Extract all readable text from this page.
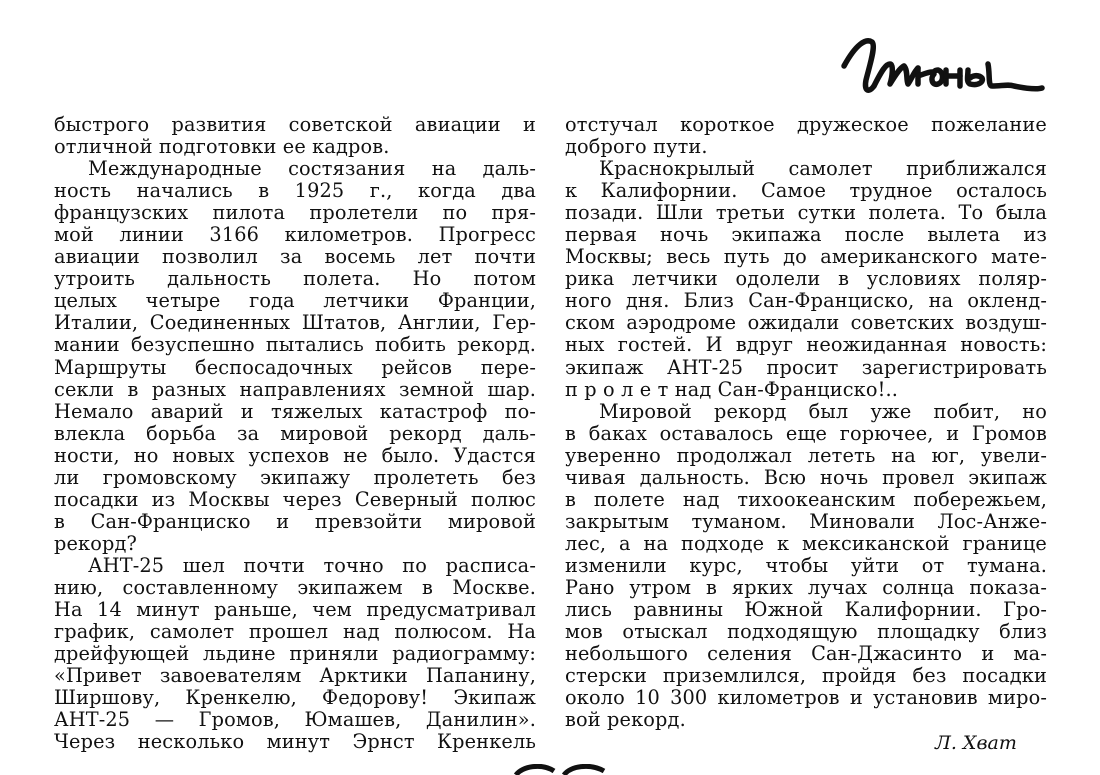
быстрого развития советской авиации и
отличной подготовки ее кадров.
Международные состязания на даль-
ность начались в 1925 г., когда два
французских пилота пролетели по пря-
мой линии 3166 километров. Прогресс
авиации позволил за восемь лет почти
утроить дальность полета. Но потом
целых четыре года летчики Франции,
Италии, Соединенных Штатов, Англии, Гер-
мании безуспешно пытались побить рекорд.
Маршруты беспосадочных рейсов пере-
секли в разных направлениях земной шар.
Немало аварий и тяжелых катастроф по-
влекла борьба за мировой рекорд даль-
ности, но новых успехов не было. Удастся
ли громовскому экипажу пролететь без
посадки из Москвы через Северный полюс
в Сан-Франциско и превзойти мировой
рекорд?
АНТ-25 шел почти точно по расписа-
нию, составленному экипажем в Москве.
На 14 минут раньше, чем предусматривал
график, самолет прошел над полюсом. На
дрейфующей льдине приняли радиограмму:
«Привет завоевателям Арктики Папанину,
Ширшову, Кренкелю, Федорову! Экипаж
АНТ-25 — Громов, Юмашев, Данилин».
Через несколько минут Эрнст Кренкель
отстучал короткое дружеское пожелание
доброго пути.
Краснокрылый самолет приближался
к Калифорнии. Самое трудное осталось
позади. Шли третьи сутки полета. То была
первая ночь экипажа после вылета из
Москвы; весь путь до американского мате-
рика летчики одолели в условиях поляр-
ного дня. Близ Сан-Франциско, на окленд-
ском аэродроме ожидали советских воздуш-
ных гостей. И вдруг неожиданная новость:
экипаж АНТ-25 просит зарегистрировать
п р о л е т над Сан-Франциско!..
Мировой рекорд был уже побит, но
в баках оставалось еще горючее, и Громов
уверенно продолжал лететь на юг, увели-
чивая дальность. Всю ночь провел экипаж
в полете над тихоокеанским побережьем,
закрытым туманом. Миновали Лос-Анже-
лес, а на подходе к мексиканской границе
изменили курс, чтобы уйти от тумана.
Рано утром в ярких лучах солнца показа-
лись равнины Южной Калифорнии. Гро-
мов отыскал подходящую площадку близ
небольшого селения Сан-Джасинто и ма-
стерски приземлился, пройдя без посадки
около 10 300 километров и установив миро-
вой рекорд.
Л. Хват
